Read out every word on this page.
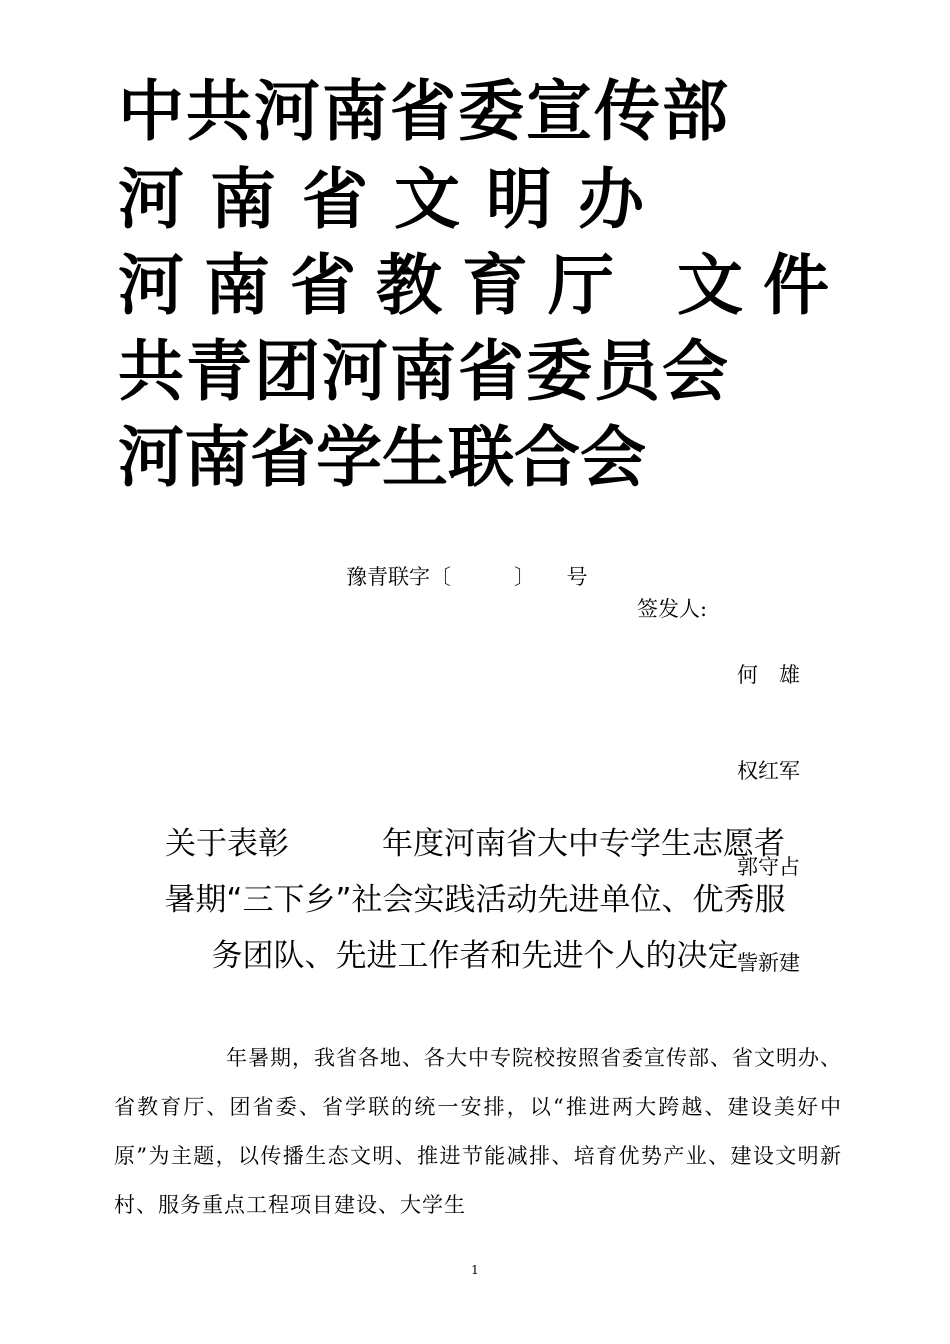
中共河南省委宣传部
河南省文明办
河南省教育厅 文件
共青团河南省委员会
河南省学生联合会
豫青联字〔　　　〕　　号
签发人:

何　雄

权红军

郭守占

訾新建

关于表彰　　　年度河南省大中专学生志愿者
暑期“三下乡”社会实践活动先进单位、优秀服
务团队、先进工作者和先进个人的决定

年暑期，我省各地、各大中专院校按照省委宣传部、省文明办、省教育厅、团省委、省学联的统一安排，以“推进两大跨越、建设美好中原”为主题，以传播生态文明、推进节能减排、培育优势产业、建设文明新村、服务重点工程项目建设、大学生

1
